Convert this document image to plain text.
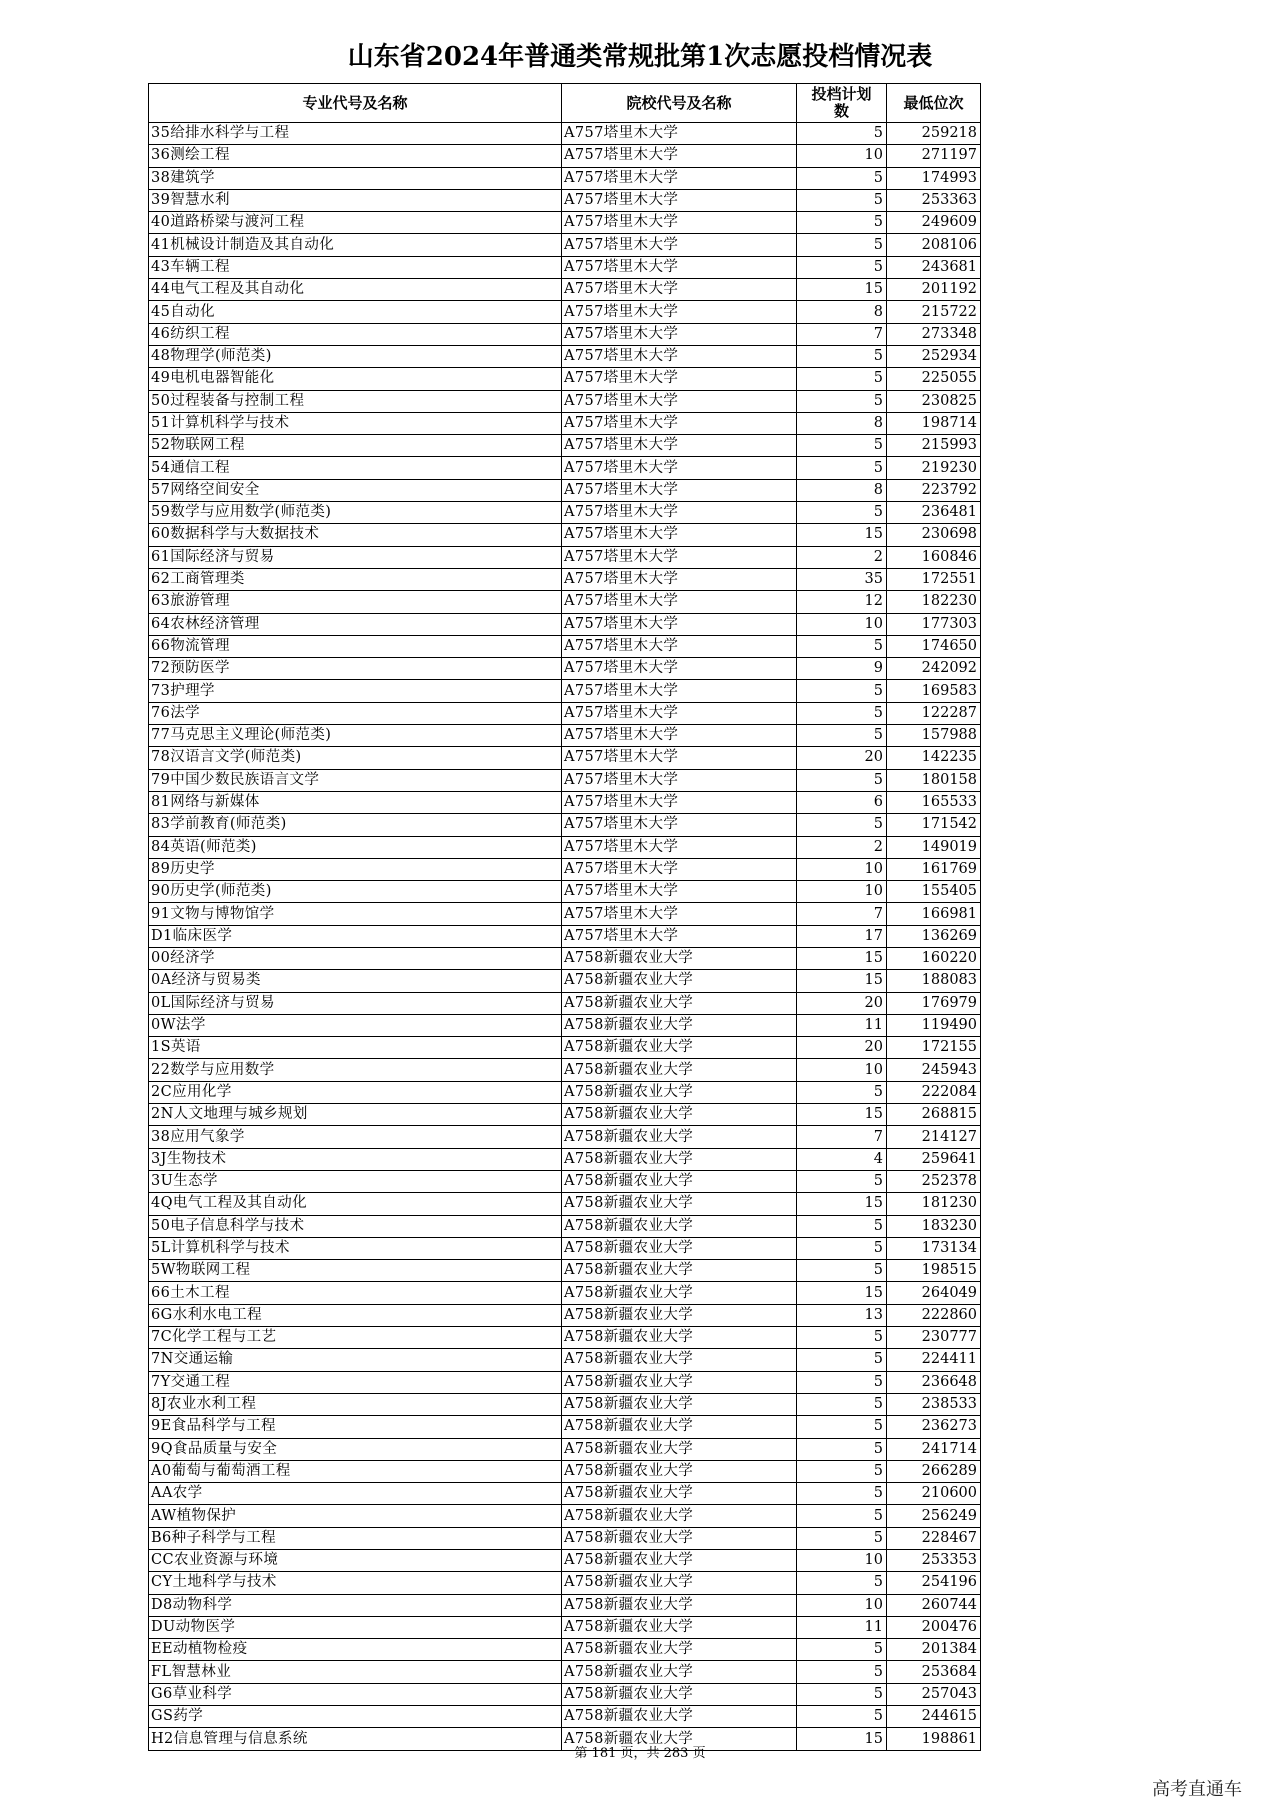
山东省2024年普通类常规批第1次志愿投档情况表
专业代号及名称	院校代号及名称	投档计划数	最低位次
35给排水科学与工程	A757塔里木大学	5	259218
36测绘工程	A757塔里木大学	10	271197
38建筑学	A757塔里木大学	5	174993
39智慧水利	A757塔里木大学	5	253363
40道路桥梁与渡河工程	A757塔里木大学	5	249609
41机械设计制造及其自动化	A757塔里木大学	5	208106
43车辆工程	A757塔里木大学	5	243681
44电气工程及其自动化	A757塔里木大学	15	201192
45自动化	A757塔里木大学	8	215722
46纺织工程	A757塔里木大学	7	273348
48物理学(师范类)	A757塔里木大学	5	252934
49电机电器智能化	A757塔里木大学	5	225055
50过程装备与控制工程	A757塔里木大学	5	230825
51计算机科学与技术	A757塔里木大学	8	198714
52物联网工程	A757塔里木大学	5	215993
54通信工程	A757塔里木大学	5	219230
57网络空间安全	A757塔里木大学	8	223792
59数学与应用数学(师范类)	A757塔里木大学	5	236481
60数据科学与大数据技术	A757塔里木大学	15	230698
61国际经济与贸易	A757塔里木大学	2	160846
62工商管理类	A757塔里木大学	35	172551
63旅游管理	A757塔里木大学	12	182230
64农林经济管理	A757塔里木大学	10	177303
66物流管理	A757塔里木大学	5	174650
72预防医学	A757塔里木大学	9	242092
73护理学	A757塔里木大学	5	169583
76法学	A757塔里木大学	5	122287
77马克思主义理论(师范类)	A757塔里木大学	5	157988
78汉语言文学(师范类)	A757塔里木大学	20	142235
79中国少数民族语言文学	A757塔里木大学	5	180158
81网络与新媒体	A757塔里木大学	6	165533
83学前教育(师范类)	A757塔里木大学	5	171542
84英语(师范类)	A757塔里木大学	2	149019
89历史学	A757塔里木大学	10	161769
90历史学(师范类)	A757塔里木大学	10	155405
91文物与博物馆学	A757塔里木大学	7	166981
D1临床医学	A757塔里木大学	17	136269
00经济学	A758新疆农业大学	15	160220
0A经济与贸易类	A758新疆农业大学	15	188083
0L国际经济与贸易	A758新疆农业大学	20	176979
0W法学	A758新疆农业大学	11	119490
1S英语	A758新疆农业大学	20	172155
22数学与应用数学	A758新疆农业大学	10	245943
2C应用化学	A758新疆农业大学	5	222084
2N人文地理与城乡规划	A758新疆农业大学	15	268815
38应用气象学	A758新疆农业大学	7	214127
3J生物技术	A758新疆农业大学	4	259641
3U生态学	A758新疆农业大学	5	252378
4Q电气工程及其自动化	A758新疆农业大学	15	181230
50电子信息科学与技术	A758新疆农业大学	5	183230
5L计算机科学与技术	A758新疆农业大学	5	173134
5W物联网工程	A758新疆农业大学	5	198515
66土木工程	A758新疆农业大学	15	264049
6G水利水电工程	A758新疆农业大学	13	222860
7C化学工程与工艺	A758新疆农业大学	5	230777
7N交通运输	A758新疆农业大学	5	224411
7Y交通工程	A758新疆农业大学	5	236648
8J农业水利工程	A758新疆农业大学	5	238533
9E食品科学与工程	A758新疆农业大学	5	236273
9Q食品质量与安全	A758新疆农业大学	5	241714
A0葡萄与葡萄酒工程	A758新疆农业大学	5	266289
AA农学	A758新疆农业大学	5	210600
AW植物保护	A758新疆农业大学	5	256249
B6种子科学与工程	A758新疆农业大学	5	228467
CC农业资源与环境	A758新疆农业大学	10	253353
CY土地科学与技术	A758新疆农业大学	5	254196
D8动物科学	A758新疆农业大学	10	260744
DU动物医学	A758新疆农业大学	11	200476
EE动植物检疫	A758新疆农业大学	5	201384
FL智慧林业	A758新疆农业大学	5	253684
G6草业科学	A758新疆农业大学	5	257043
GS药学	A758新疆农业大学	5	244615
H2信息管理与信息系统	A758新疆农业大学	15	198861
第 181 页，共 283 页
高考直通车
